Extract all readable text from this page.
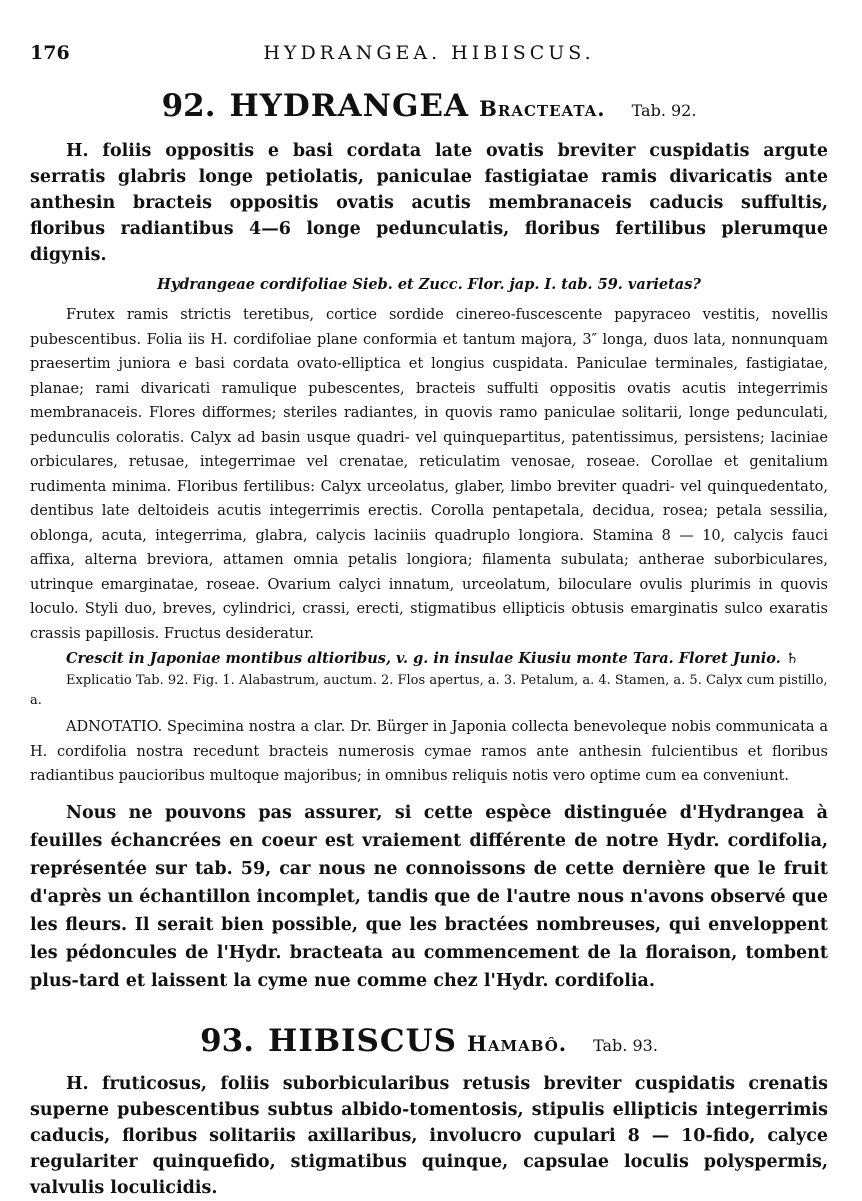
176	HYDRANGEA. HIBISCUS.
92. HYDRANGEA Bracteata. Tab. 92.

H. foliis oppositis e basi cordata late ovatis breviter cuspidatis argute serratis glabris longe petiolatis, paniculae fastigiatae ramis divaricatis ante anthesin bracteis oppositis ovatis acutis membranaceis caducis suffultis, floribus radiantibus 4—6 longe pedunculatis, floribus fertilibus plerumque digynis.

Hydrangeae cordifoliae Sieb. et Zucc. Flor. jap. I. tab. 59. varietas?

Frutex ramis strictis teretibus, cortice sordide cinereo-fuscescente papyraceo vestitis, novellis pubescentibus. Folia iis H. cordifoliae plane conformia et tantum majora, 3″ longa, duos lata, nonnunquam praesertim juniora e basi cordata ovato-elliptica et longius cuspidata. Paniculae terminales, fastigiatae, planae; rami divaricati ramulique pubescentes, bracteis suffulti oppositis ovatis acutis integerrimis membranaceis. Flores difformes; steriles radiantes, in quovis ramo paniculae solitarii, longe pedunculati, pedunculis coloratis. Calyx ad basin usque quadri- vel quinquepartitus, patentissimus, persistens; laciniae orbiculares, retusae, integerrimae vel crenatae, reticulatim venosae, roseae. Corollae et genitalium rudimenta minima. Floribus fertilibus: Calyx urceolatus, glaber, limbo breviter quadri- vel quinquedentato, dentibus late deltoideis acutis integerrimis erectis. Corolla pentapetala, decidua, rosea; petala sessilia, oblonga, acuta, integerrima, glabra, calycis laciniis quadruplo longiora. Stamina 8 — 10, calycis fauci affixa, alterna breviora, attamen omnia petalis longiora; filamenta subulata; antherae suborbiculares, utrinque emarginatae, roseae. Ovarium calyci innatum, urceolatum, biloculare ovulis plurimis in quovis loculo. Styli duo, breves, cylindrici, crassi, erecti, stigmatibus ellipticis obtusis emarginatis sulco exaratis crassis papillosis. Fructus desideratur.

Crescit in Japoniae montibus altioribus, v. g. in insulae Kiusiu monte Tara. Floret Junio. ♄

Explicatio Tab. 92. Fig. 1. Alabastrum, auctum. 2. Flos apertus, a. 3. Petalum, a. 4. Stamen, a. 5. Calyx cum pistillo, a.

ADNOTATIO. Specimina nostra a clar. Dr. Bürger in Japonia collecta benevoleque nobis communicata a H. cordifolia nostra recedunt bracteis numerosis cymae ramos ante anthesin fulcientibus et floribus radiantibus paucioribus multoque majoribus; in omnibus reliquis notis vero optime cum ea conveniunt.

Nous ne pouvons pas assurer, si cette espèce distinguée d'Hydrangea à feuilles échancrées en coeur est vraiement différente de notre Hydr. cordifolia, représentée sur tab. 59, car nous ne connoissons de cette dernière que le fruit d'après un échantillon incomplet, tandis que de l'autre nous n'avons observé que les fleurs. Il serait bien possible, que les bractées nombreuses, qui enveloppent les pédoncules de l'Hydr. bracteata au commencement de la floraison, tombent plus-tard et laissent la cyme nue comme chez l'Hydr. cordifolia.

93. HIBISCUS Hamabô. Tab. 93.

H. fruticosus, foliis suborbicularibus retusis breviter cuspidatis crenatis superne pubescentibus subtus albido-tomentosis, stipulis ellipticis integerrimis caducis, floribus solitariis axillaribus, involucro cupulari 8 — 10-fido, calyce regulariter quinquefido, stigmatibus quinque, capsulae loculis polyspermis, valvulis loculicidis.
